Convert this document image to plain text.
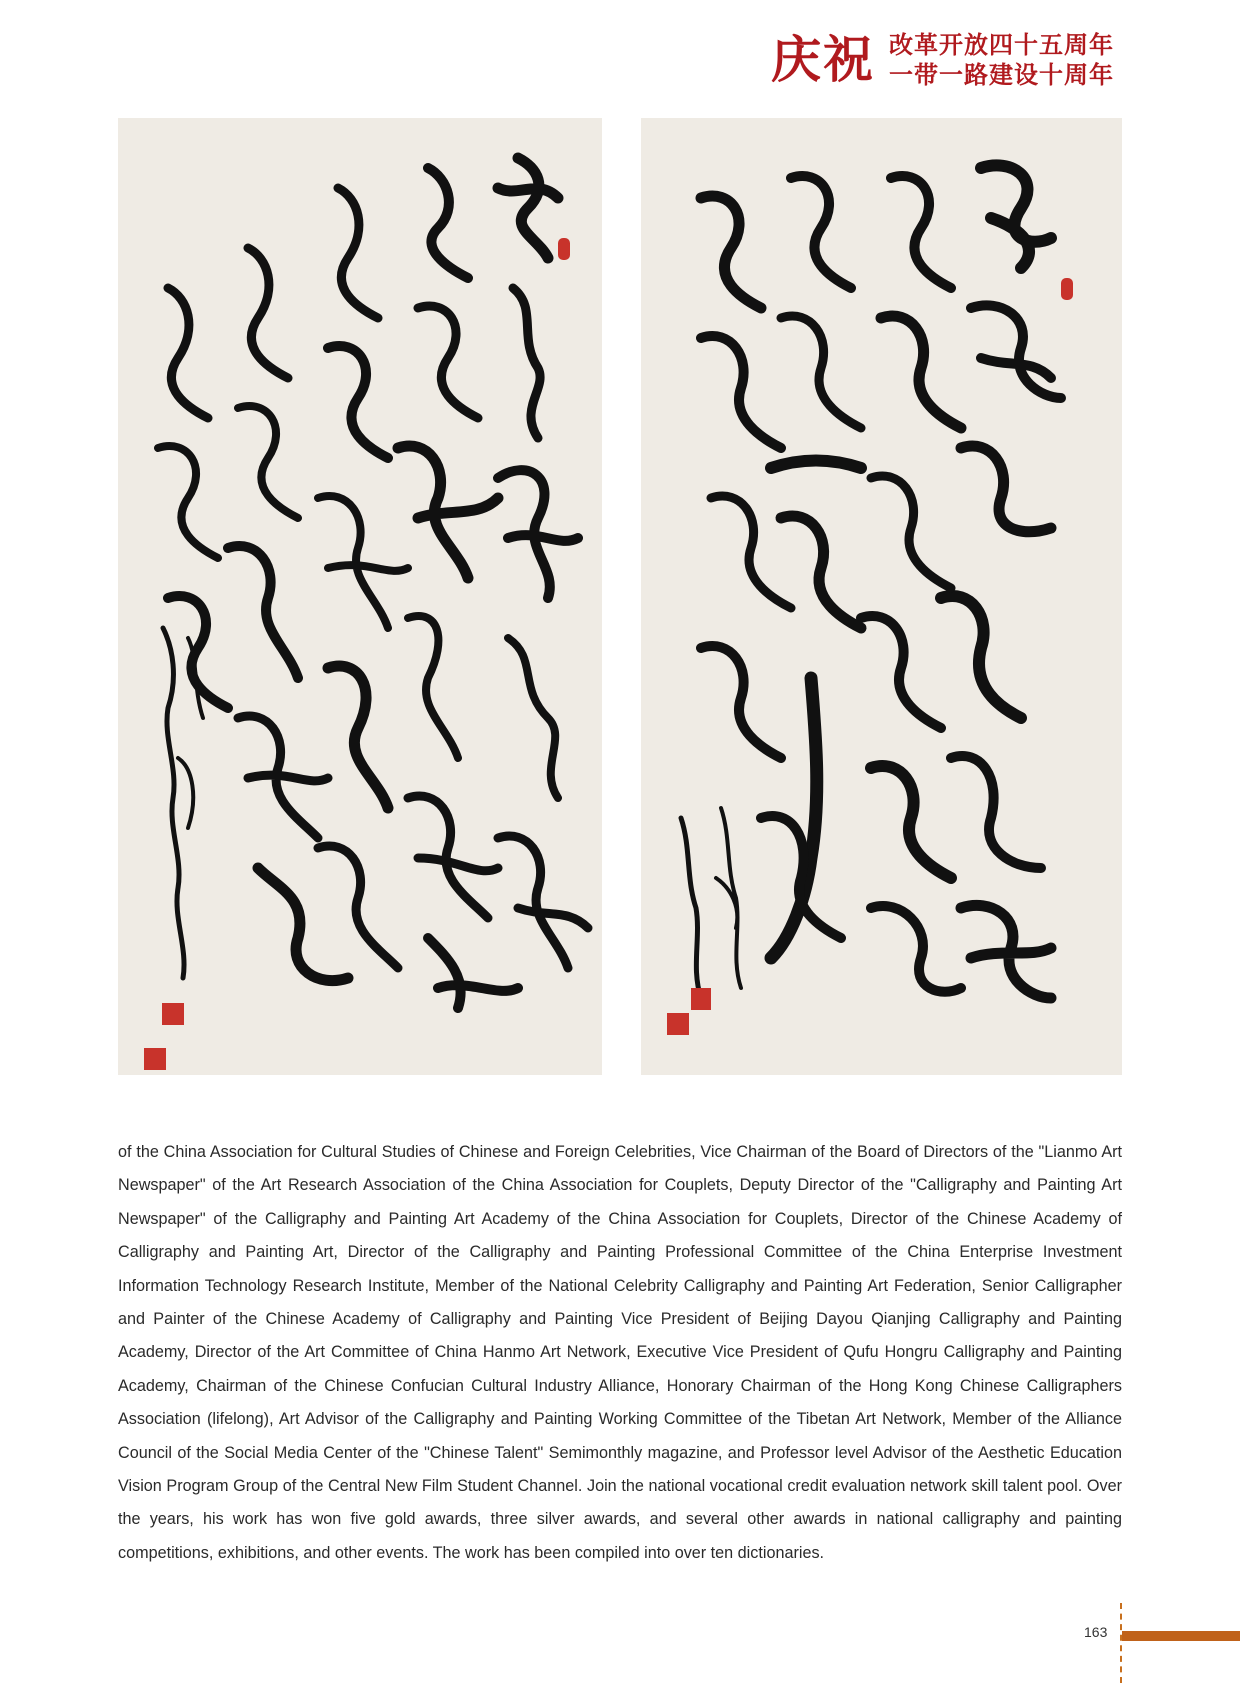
庆祝 改革开放四十五周年
一带一路建设十周年

of the China Association for Cultural Studies of Chinese and Foreign Celebrities, Vice Chairman of the Board of Directors of the "Lianmo Art Newspaper" of the Art Research Association of the China Association for Couplets, Deputy Director of the "Calligraphy and Painting Art Newspaper" of the Calligraphy and Painting Art Academy of the China Association for Couplets, Director of the Chinese Academy of Calligraphy and Painting Art, Director of the Calligraphy and Painting Professional Committee of the China Enterprise Investment Information Technology Research Institute, Member of the National Celebrity Calligraphy and Painting Art Federation, Senior Calligrapher and Painter of the Chinese Academy of Calligraphy and Painting Vice President of Beijing Dayou Qianjing Calligraphy and Painting Academy, Director of the Art Committee of China Hanmo Art Network, Executive Vice President of Qufu Hongru Calligraphy and Painting Academy, Chairman of the Chinese Confucian Cultural Industry Alliance, Honorary Chairman of the Hong Kong Chinese Calligraphers Association (lifelong), Art Advisor of the Calligraphy and Painting Working Committee of the Tibetan Art Network, Member of the Alliance Council of the Social Media Center of the "Chinese Talent" Semimonthly magazine, and Professor level Advisor of the Aesthetic Education Vision Program Group of the Central New Film Student Channel. Join the national vocational credit evaluation network skill talent pool. Over the years, his work has won five gold awards, three silver awards, and several other awards in national calligraphy and painting competitions, exhibitions, and other events. The work has been compiled into over ten dictionaries.

163
